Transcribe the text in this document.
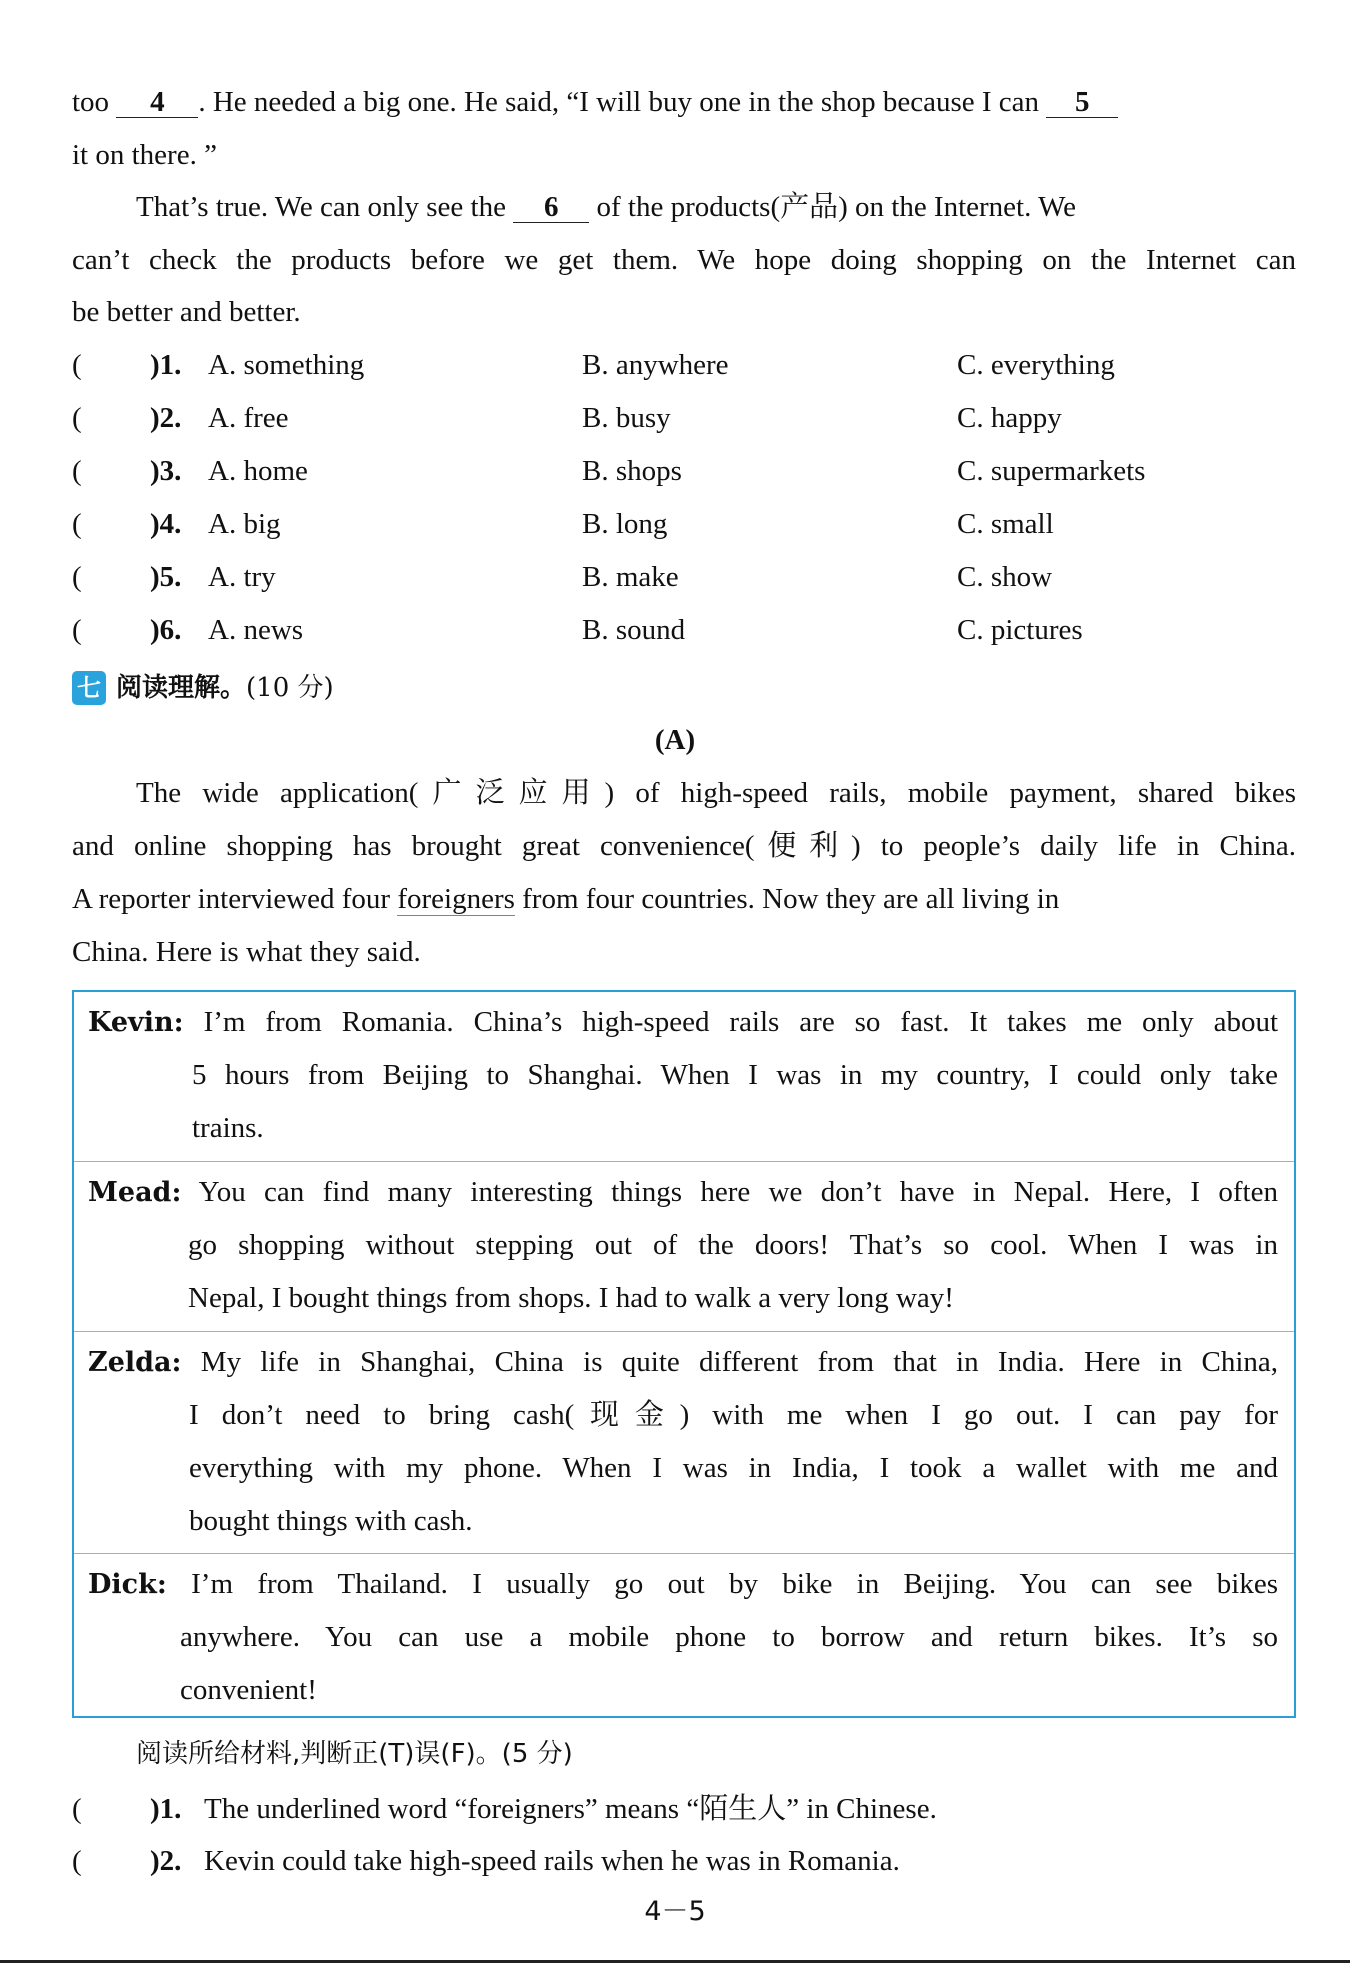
too 4 . He needed a big one. He said, “I will buy one in the shop because I can 5
it on there. ”
That’s true. We can only see the 6 of the products(产品) on the Internet. We
can’t check the products before we get them. We hope doing shopping on the Internet can
be better and better.
( )1. A. something	B. anywhere	C. everything
( )2. A. free	B. busy	C. happy
( )3. A. home	B. shops	C. supermarkets
( )4. A. big	B. long	C. small
( )5. A. try	B. make	C. show
( )6. A. news	B. sound	C. pictures
七 阅读理解。(10 分)
(A)
The wide application(广泛应用) of high-speed rails, mobile payment, shared bikes
and online shopping has brought great convenience(便利) to people’s daily life in China.
A reporter interviewed four foreigners from four countries. Now they are all living in
China. Here is what they said.
Kevin: I’m from Romania. China’s high-speed rails are so fast. It takes me only about
5 hours from Beijing to Shanghai. When I was in my country, I could only take
trains.
Mead: You can find many interesting things here we don’t have in Nepal. Here, I often
go shopping without stepping out of the doors! That’s so cool. When I was in
Nepal, I bought things from shops. I had to walk a very long way!
Zelda: My life in Shanghai, China is quite different from that in India. Here in China,
I don’t need to bring cash(现金) with me when I go out. I can pay for
everything with my phone. When I was in India, I took a wallet with me and
bought things with cash.
Dick: I’m from Thailand. I usually go out by bike in Beijing. You can see bikes
anywhere. You can use a mobile phone to borrow and return bikes. It’s so
convenient!
阅读所给材料,判断正(T)误(F)。(5 分)
( )1. The underlined word “foreigners” means “陌生人” in Chinese.
( )2. Kevin could take high-speed rails when he was in Romania.
4－5
